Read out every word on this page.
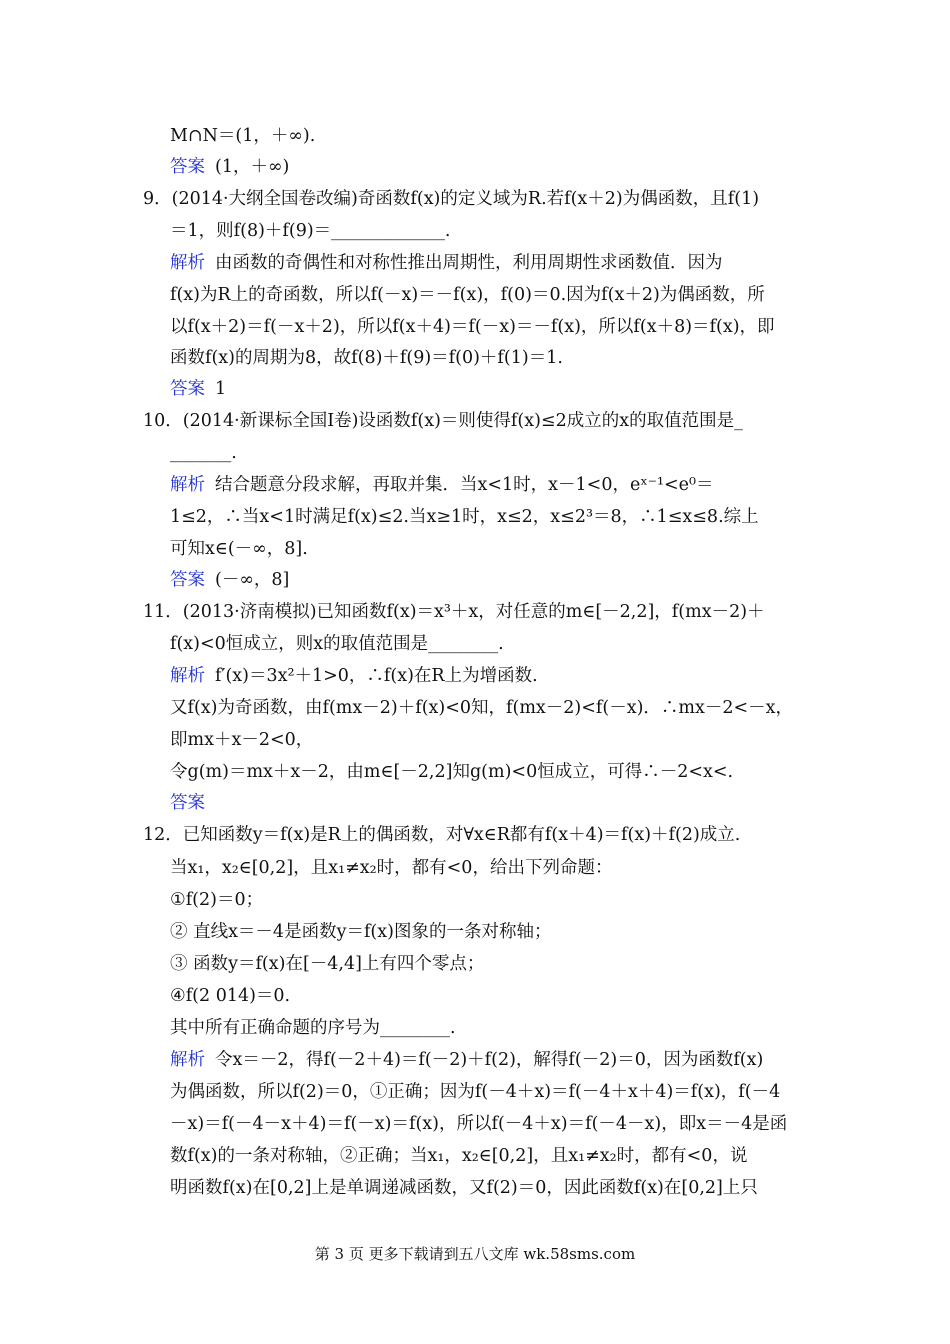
M∩N＝(1，＋∞).
答案 (1，＋∞)
9．(2014·大纲全国卷改编)奇函数f(x)的定义域为R.若f(x＋2)为偶函数，且f(1)
＝1，则f(8)＋f(9)＝_____________.
解析 由函数的奇偶性和对称性推出周期性，利用周期性求函数值．因为
f(x)为R上的奇函数，所以f(－x)＝－f(x)，f(0)＝0.因为f(x＋2)为偶函数，所
以f(x＋2)＝f(－x＋2)，所以f(x＋4)＝f(－x)＝－f(x)，所以f(x＋8)＝f(x)，即
函数f(x)的周期为8，故f(8)＋f(9)＝f(0)＋f(1)＝1.
答案 1
10．(2014·新课标全国Ⅰ卷)设函数f(x)＝则使得f(x)≤2成立的x的取值范围是_
_______.
解析 结合题意分段求解，再取并集．当x<1时，x－1<0，eˣ⁻¹<e⁰＝
1≤2，∴当x<1时满足f(x)≤2.当x≥1时，x≤2，x≤2³＝8，∴1≤x≤8.综上
可知x∈(－∞，8].
答案 (－∞，8]
11．(2013·济南模拟)已知函数f(x)＝x³＋x，对任意的m∈[－2,2]，f(mx－2)＋
f(x)<0恒成立，则x的取值范围是________.
解析 f′(x)＝3x²＋1>0，∴f(x)在R上为增函数.
又f(x)为奇函数，由f(mx－2)＋f(x)<0知，f(mx－2)<f(－x)．∴mx－2<－x，
即mx＋x－2<0，
令g(m)＝mx＋x－2，由m∈[－2,2]知g(m)<0恒成立，可得∴－2<x<.
答案
12．已知函数y＝f(x)是R上的偶函数，对∀x∈R都有f(x＋4)＝f(x)＋f(2)成立.
当x₁，x₂∈[0,2]，且x₁≠x₂时，都有<0，给出下列命题：
①f(2)＝0；
② 直线x＝－4是函数y＝f(x)图象的一条对称轴；
③ 函数y＝f(x)在[－4,4]上有四个零点；
④f(2 014)＝0.
其中所有正确命题的序号为________.
解析 令x＝－2，得f(－2＋4)＝f(－2)＋f(2)，解得f(－2)＝0，因为函数f(x)
为偶函数，所以f(2)＝0，①正确；因为f(－4＋x)＝f(－4＋x＋4)＝f(x)，f(－4
－x)＝f(－4－x＋4)＝f(－x)＝f(x)，所以f(－4＋x)＝f(－4－x)，即x＝－4是函
数f(x)的一条对称轴，②正确；当x₁，x₂∈[0,2]，且x₁≠x₂时，都有<0，说
明函数f(x)在[0,2]上是单调递减函数，又f(2)＝0，因此函数f(x)在[0,2]上只
第 3 页 更多下载请到五八文库 wk.58sms.com
